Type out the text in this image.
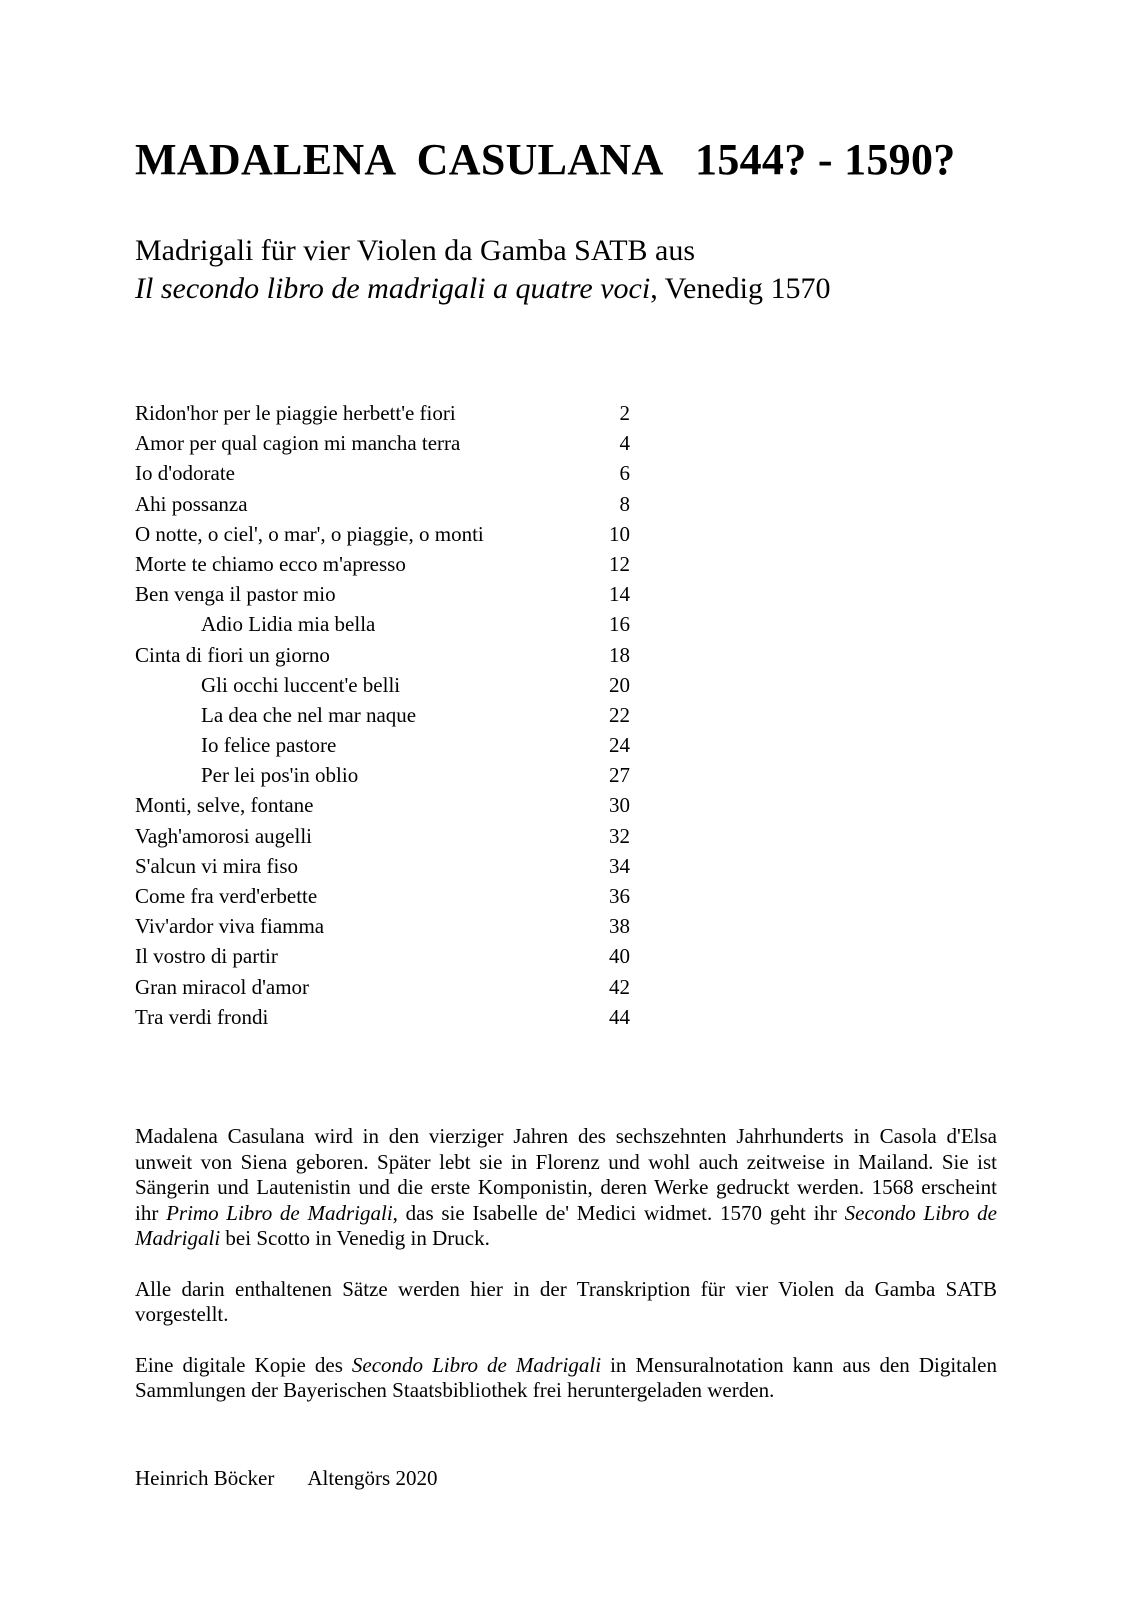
MADALENA  CASULANA   1544? - 1590?
Madrigali für vier Violen da Gamba SATB aus
Il secondo libro de madrigali a quatre voci, Venedig 1570
Ridon'hor per le piaggie herbett'e fiori	2
Amor per qual cagion mi mancha terra	4
Io d'odorate	6
Ahi possanza	8
O notte, o ciel', o mar', o piaggie, o monti	10
Morte te chiamo ecco m'apresso	12
Ben venga il pastor mio	14
Adio Lidia mia bella	16
Cinta di fiori un giorno	18
Gli occhi luccent'e belli	20
La dea che nel mar naque	22
Io felice pastore	24
Per lei pos'in oblio	27
Monti, selve, fontane	30
Vagh'amorosi augelli	32
S'alcun vi mira fiso	34
Come fra verd'erbette	36
Viv'ardor viva fiamma	38
Il vostro di partir	40
Gran miracol d'amor	42
Tra verdi frondi	44

Madalena Casulana wird in den vierziger Jahren des sechszehnten Jahrhunderts in Casola d'Elsa unweit von Siena geboren. Später lebt sie in Florenz und wohl auch zeitweise in Mailand. Sie ist Sängerin und Lautenistin und die erste Komponistin, deren Werke gedruckt werden. 1568 erscheint ihr Primo Libro de Madrigali, das sie Isabelle de' Medici widmet. 1570 geht ihr Secondo Libro de Madrigali bei Scotto in Venedig in Druck.

Alle darin enthaltenen Sätze werden hier in der Transkription für vier Violen da Gamba SATB vorgestellt.

Eine digitale Kopie des Secondo Libro de Madrigali in Mensuralnotation kann aus den Digitalen Sammlungen der Bayerischen Staatsbibliothek frei heruntergeladen werden.

Heinrich Böcker Altengörs 2020
